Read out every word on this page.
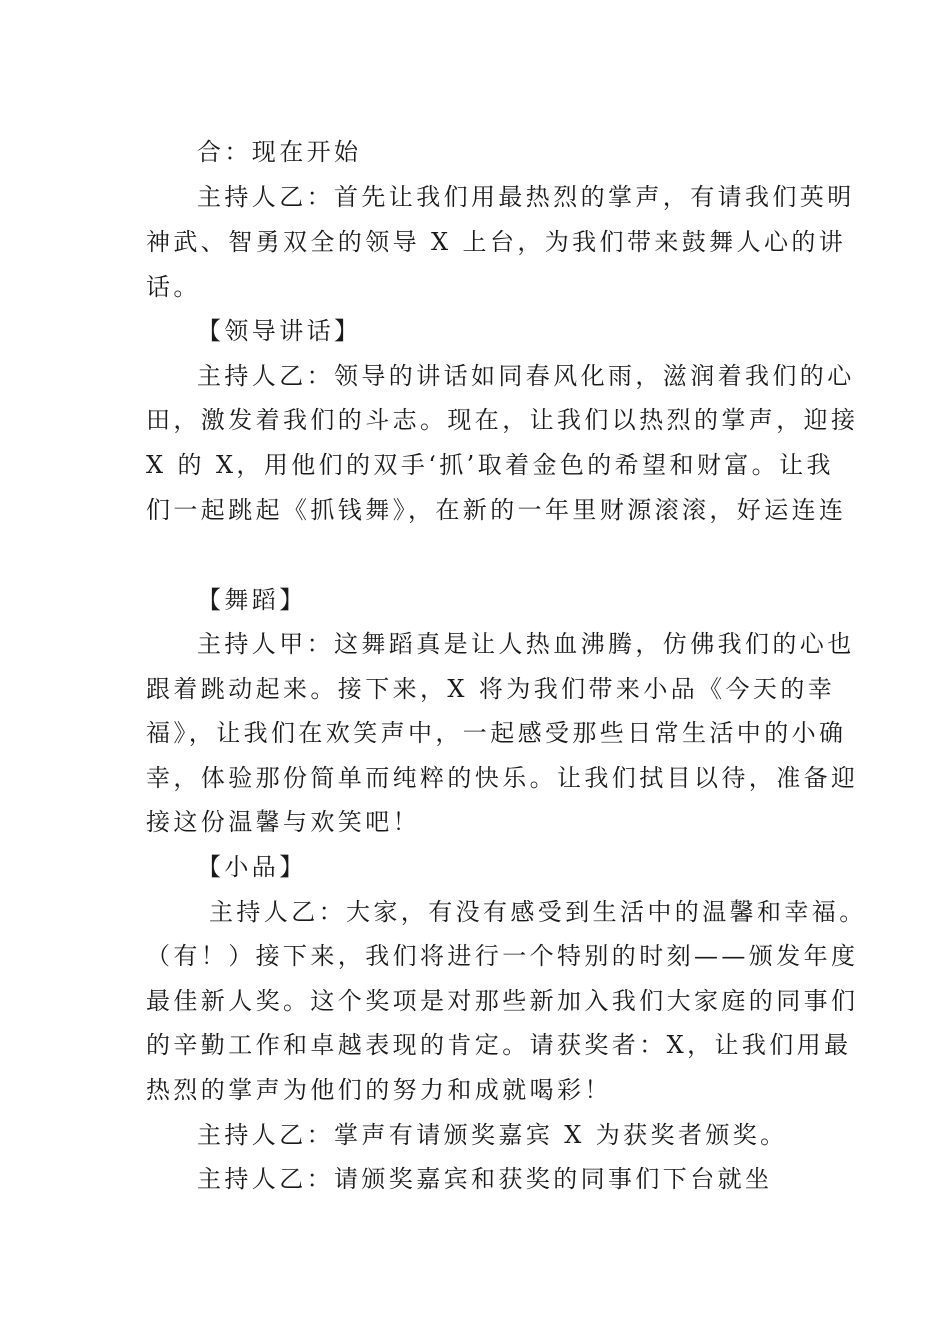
合：现在开始
主持人乙：首先让我们用最热烈的掌声，有请我们英明
神武、智勇双全的领导 X 上台，为我们带来鼓舞人心的讲
话。
【领导讲话】
主持人乙：领导的讲话如同春风化雨，滋润着我们的心
田，激发着我们的斗志。现在，让我们以热烈的掌声，迎接
X 的 X，用他们的双手‘抓’取着金色的希望和财富。让我
们一起跳起《抓钱舞》，在新的一年里财源滚滚，好运连连
【舞蹈】
主持人甲：这舞蹈真是让人热血沸腾，仿佛我们的心也
跟着跳动起来。接下来，X 将为我们带来小品《今天的幸
福》，让我们在欢笑声中，一起感受那些日常生活中的小确
幸，体验那份简单而纯粹的快乐。让我们拭目以待，准备迎
接这份温馨与欢笑吧！
【小品】
主持人乙：大家，有没有感受到生活中的温馨和幸福。
（有！）接下来，我们将进行一个特别的时刻——颁发年度
最佳新人奖。这个奖项是对那些新加入我们大家庭的同事们
的辛勤工作和卓越表现的肯定。请获奖者：X，让我们用最
热烈的掌声为他们的努力和成就喝彩！
主持人乙：掌声有请颁奖嘉宾 X 为获奖者颁奖。
主持人乙：请颁奖嘉宾和获奖的同事们下台就坐
